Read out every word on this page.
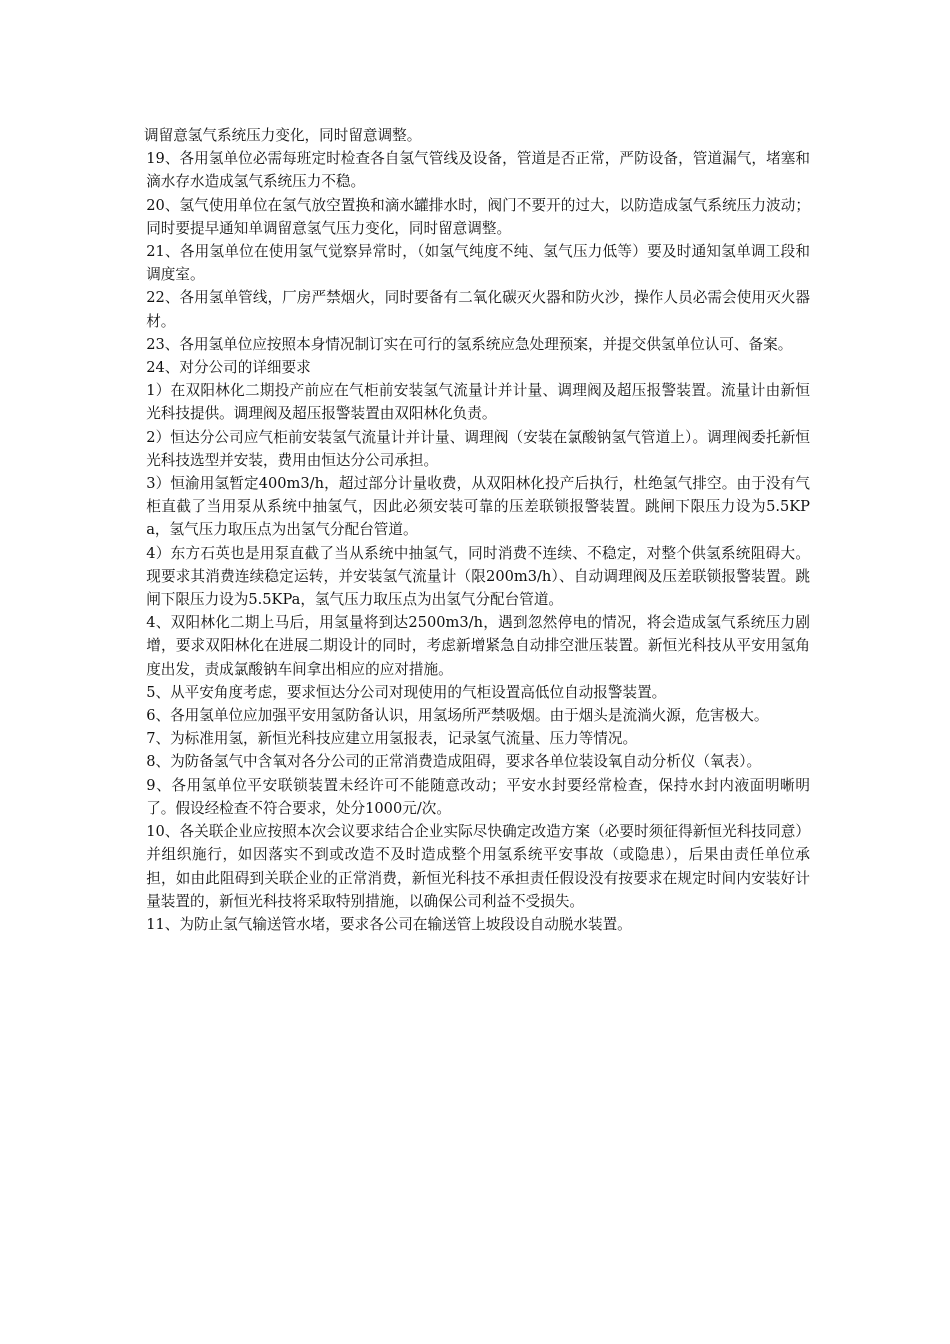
调留意氢气系统压力变化，同时留意调整。

19、各用氢单位必需每班定时检查各自氢气管线及设备，管道是否正常，严防设备，管道漏气，堵塞和滴水存水造成氢气系统压力不稳。

20、氢气使用单位在氢气放空置换和滴水罐排水时，阀门不要开的过大，以防造成氢气系统压力波动；同时要提早通知单调留意氢气压力变化，同时留意调整。

21、各用氢单位在使用氢气觉察异常时，（如氢气纯度不纯、氢气压力低等）要及时通知氢单调工段和调度室。

22、各用氢单管线，厂房严禁烟火，同时要备有二氧化碳灭火器和防火沙，操作人员必需会使用灭火器材。

23、各用氢单位应按照本身情况制订实在可行的氢系统应急处理预案，并提交供氢单位认可、备案。

24、对分公司的详细要求

1）在双阳林化二期投产前应在气柜前安装氢气流量计并计量、调理阀及超压报警装置。流量计由新恒光科技提供。调理阀及超压报警装置由双阳林化负责。

2）恒达分公司应气柜前安装氢气流量计并计量、调理阀（安装在氯酸钠氢气管道上）。调理阀委托新恒光科技选型并安装，费用由恒达分公司承担。

3）恒渝用氢暂定400m3/h，超过部分计量收费，从双阳林化投产后执行，杜绝氢气排空。由于没有气柜直截了当用泵从系统中抽氢气，因此必须安装可靠的压差联锁报警装置。跳闸下限压力设为5.5KPa，氢气压力取压点为出氢气分配台管道。

4）东方石英也是用泵直截了当从系统中抽氢气，同时消费不连续、不稳定，对整个供氢系统阻碍大。现要求其消费连续稳定运转，并安装氢气流量计（限200m3/h）、自动调理阀及压差联锁报警装置。跳闸下限压力设为5.5KPa，氢气压力取压点为出氢气分配台管道。

4、双阳林化二期上马后，用氢量将到达2500m3/h，遇到忽然停电的情况，将会造成氢气系统压力剧增，要求双阳林化在进展二期设计的同时，考虑新增紧急自动排空泄压装置。新恒光科技从平安用氢角度出发，责成氯酸钠车间拿出相应的应对措施。

5、从平安角度考虑，要求恒达分公司对现使用的气柜设置高低位自动报警装置。

6、各用氢单位应加强平安用氢防备认识，用氢场所严禁吸烟。由于烟头是流淌火源，危害极大。

7、为标准用氢，新恒光科技应建立用氢报表，记录氢气流量、压力等情况。

8、为防备氢气中含氧对各分公司的正常消费造成阻碍，要求各单位装设氧自动分析仪（氧表）。

9、各用氢单位平安联锁装置未经许可不能随意改动；平安水封要经常检查，保持水封内液面明晰明了。假设经检查不符合要求，处分1000元/次。

10、各关联企业应按照本次会议要求结合企业实际尽快确定改造方案（必要时须征得新恒光科技同意）并组织施行，如因落实不到或改造不及时造成整个用氢系统平安事故（或隐患），后果由责任单位承担，如由此阻碍到关联企业的正常消费，新恒光科技不承担责任假设没有按要求在规定时间内安装好计量装置的，新恒光科技将采取特别措施，以确保公司利益不受损失。

11、为防止氢气输送管水堵，要求各公司在输送管上坡段设自动脱水装置。
